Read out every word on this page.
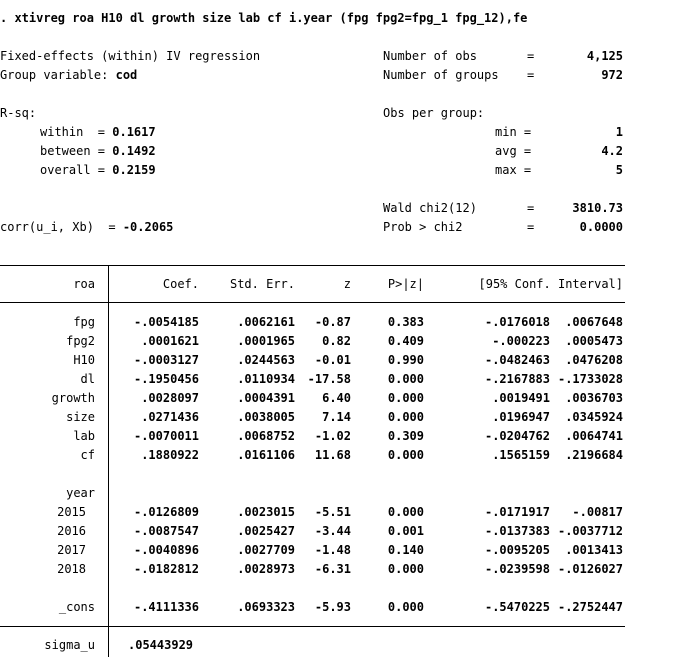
. xtivreg roa H10 dl growth size lab cf i.year (fpg fpg2=fpg_1 fpg_12),fe
Fixed-effects (within) IV regression
Group variable: cod
Number of obs	=	4,125
Number of groups =	972
R-sq:
within  = 0.1617
between = 0.1492
overall = 0.2159
Obs per group:
min =	1
avg =	4.2
max =	5
Wald chi2(12)	=	3810.73
corr(u_i, Xb)  = -0.2065	Prob > chi2	=	0.0000
roa	Coef.	Std. Err.	z	P>|z|	[95% Conf. Interval]
fpg	-.0054185	.0062161 -0.87	0.383	-.0176018 .0067648
fpg2	.0001621	.0001965 0.82	0.409	-.000223 .0005473
H10	-.0003127	.0244563 -0.01	0.990	-.0482463 .0476208
dl	-.1950456	.0110934 -17.58	0.000	-.2167883 -.1733028
growth	.0028097	.0004391 6.40	0.000	.0019491 .0036703
size	.0271436	.0038005 7.14	0.000	.0196947 .0345924
lab	-.0070011	.0068752 -1.02	0.309	-.0204762 .0064741
cf	.1880922	.0161106 11.68	0.000	.1565159 .2196684
year
2015	-.0126809	.0023015 -5.51	0.000	-.0171917 -.00817
2016	-.0087547	.0025427 -3.44	0.001	-.0137383 -.0037712
2017	-.0040896	.0027709 -1.48	0.140	-.0095205 .0013413
2018	-.0182812	.0028973 -6.31	0.000	-.0239598 -.0126027
_cons	-.4111336	.0693323 -5.93	0.000	-.5470225 -.2752447
sigma_u	.05443929
